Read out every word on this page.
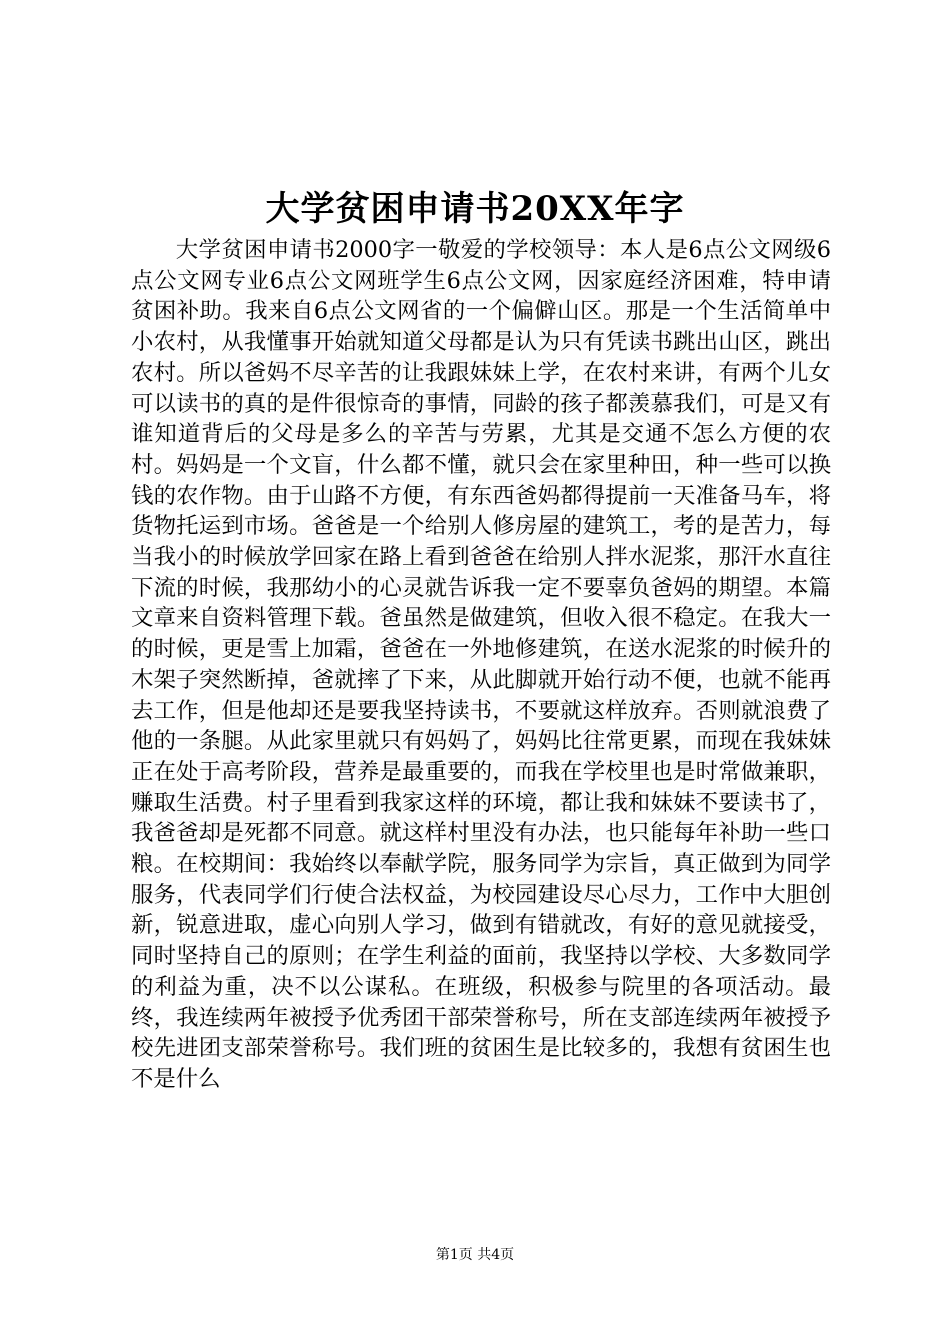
大学贫困申请书20XX年字

大学贫困申请书2000字一敬爱的学校领导：本人是6点公文网级6点公文网专业6点公文网班学生6点公文网，因家庭经济困难，特申请贫困补助。我来自6点公文网省的一个偏僻山区。那是一个生活简单中小农村，从我懂事开始就知道父母都是认为只有凭读书跳出山区，跳出农村。所以爸妈不尽辛苦的让我跟妹妹上学，在农村来讲，有两个儿女可以读书的真的是件很惊奇的事情，同龄的孩子都羡慕我们，可是又有谁知道背后的父母是多么的辛苦与劳累，尤其是交通不怎么方便的农村。妈妈是一个文盲，什么都不懂，就只会在家里种田，种一些可以换钱的农作物。由于山路不方便，有东西爸妈都得提前一天准备马车，将货物托运到市场。爸爸是一个给别人修房屋的建筑工，考的是苦力，每当我小的时候放学回家在路上看到爸爸在给别人拌水泥浆，那汗水直往下流的时候，我那幼小的心灵就告诉我一定不要辜负爸妈的期望。本篇文章来自资料管理下载。爸虽然是做建筑，但收入很不稳定。在我大一的时候，更是雪上加霜，爸爸在一外地修建筑，在送水泥浆的时候升的木架子突然断掉，爸就摔了下来，从此脚就开始行动不便，也就不能再去工作，但是他却还是要我坚持读书，不要就这样放弃。否则就浪费了他的一条腿。从此家里就只有妈妈了，妈妈比往常更累，而现在我妹妹正在处于高考阶段，营养是最重要的，而我在学校里也是时常做兼职，赚取生活费。村子里看到我家这样的环境，都让我和妹妹不要读书了，我爸爸却是死都不同意。就这样村里没有办法，也只能每年补助一些口粮。在校期间：我始终以奉献学院，服务同学为宗旨，真正做到为同学服务，代表同学们行使合法权益，为校园建设尽心尽力，工作中大胆创新，锐意进取，虚心向别人学习，做到有错就改，有好的意见就接受，同时坚持自己的原则；在学生利益的面前，我坚持以学校、大多数同学的利益为重，决不以公谋私。在班级，积极参与院里的各项活动。最终，我连续两年被授予优秀团干部荣誉称号，所在支部连续两年被授予校先进团支部荣誉称号。我们班的贫困生是比较多的，我想有贫困生也不是什么

第1页 共4页
